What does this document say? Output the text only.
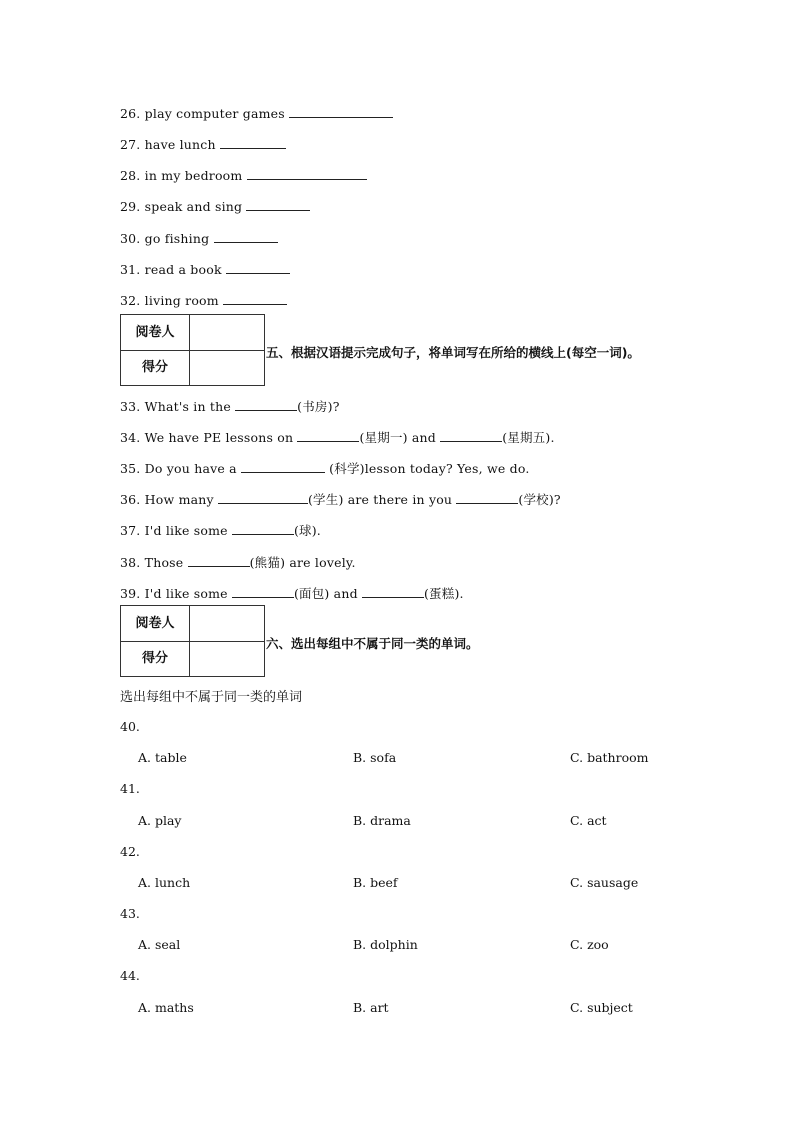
26. play computer games
27. have lunch
28. in my bedroom
29. speak and sing
30. go fishing
31. read a book
32. living room
阅卷人
得分
五、根据汉语提示完成句子，将单词写在所给的横线上(每空一词)。
33. What's in the	(书房)?
34. We have PE lessons on	(星期一) and	(星期五).
35. Do you have a	(科学)lesson today? Yes, we do.
36. How many	(学生) are there in you	(学校)?
37. I'd like some	(球).
38. Those	(熊猫) are lovely.
39. I'd like some	(面包) and	(蛋糕).
阅卷人
得分
六、选出每组中不属于同一类的单词。
选出每组中不属于同一类的单词
40.
A. table	B. sofa	C. bathroom
41.
A. play	B. drama	C. act
42.
A. lunch	B. beef	C. sausage
43.
A. seal	B. dolphin	C. zoo
44.
A. maths	B. art	C. subject
